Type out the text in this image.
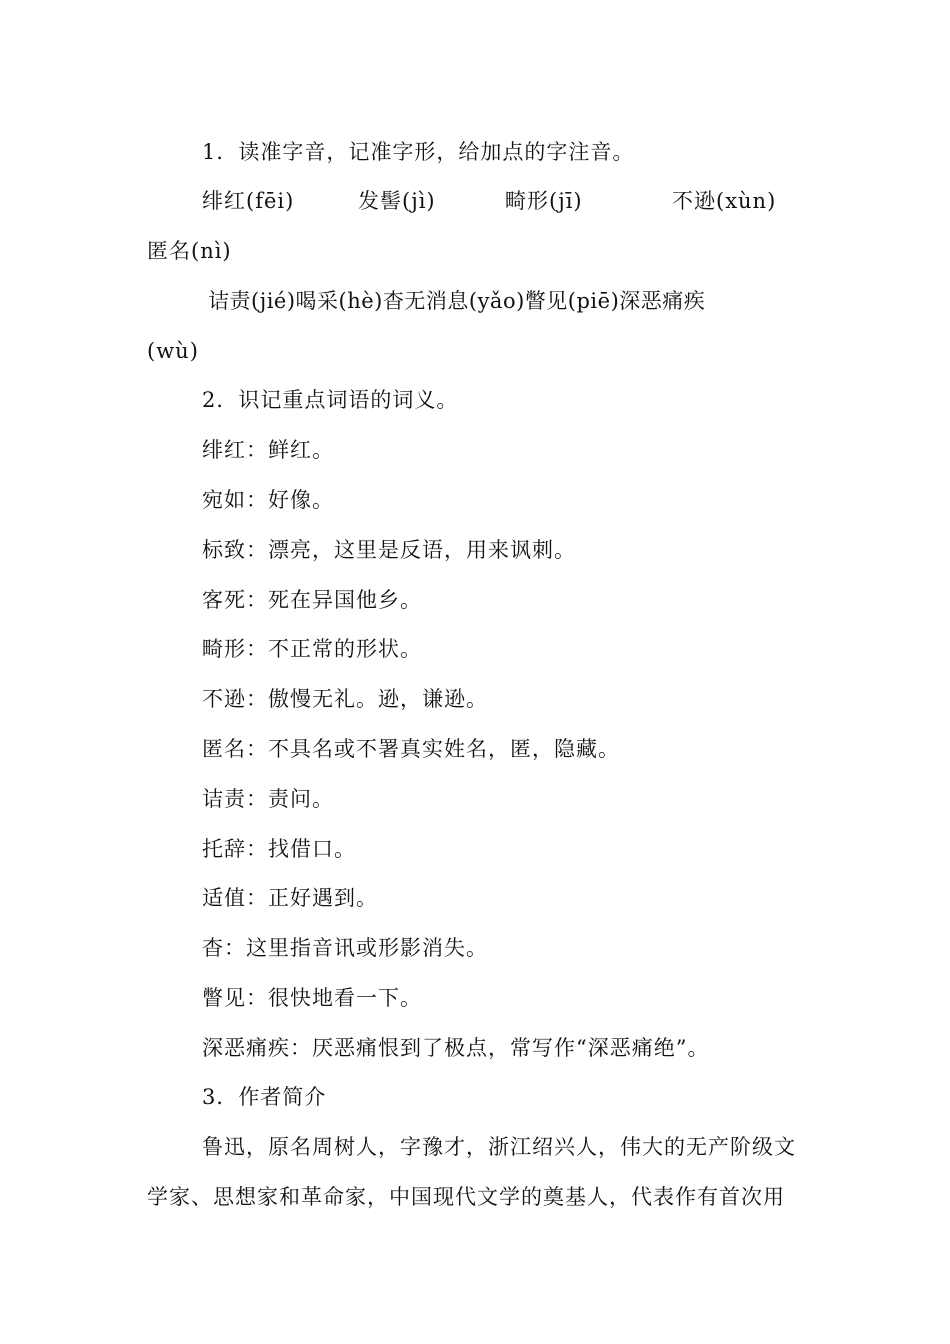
1．读准字音，记准字形，给加点的字注音。
绯红(fēi)	发髻(jì)	畸形(jī)	不逊(xùn)
匿名(nì)
诘责(jié)喝采(hè)杳无消息(yǎo)瞥见(piē)深恶痛疾
(wù)
2．识记重点词语的词义。
绯红：鲜红。
宛如：好像。
标致：漂亮，这里是反语，用来讽刺。
客死：死在异国他乡。
畸形：不正常的形状。
不逊：傲慢无礼。逊，谦逊。
匿名：不具名或不署真实姓名，匿，隐藏。
诘责：责问。
托辞：找借口。
适值：正好遇到。
杳：这里指音讯或形影消失。
瞥见：很快地看一下。
深恶痛疾：厌恶痛恨到了极点，常写作“深恶痛绝”。
3．作者简介
鲁迅，原名周树人，字豫才，浙江绍兴人，伟大的无产阶级文
学家、思想家和革命家，中国现代文学的奠基人，代表作有首次用
